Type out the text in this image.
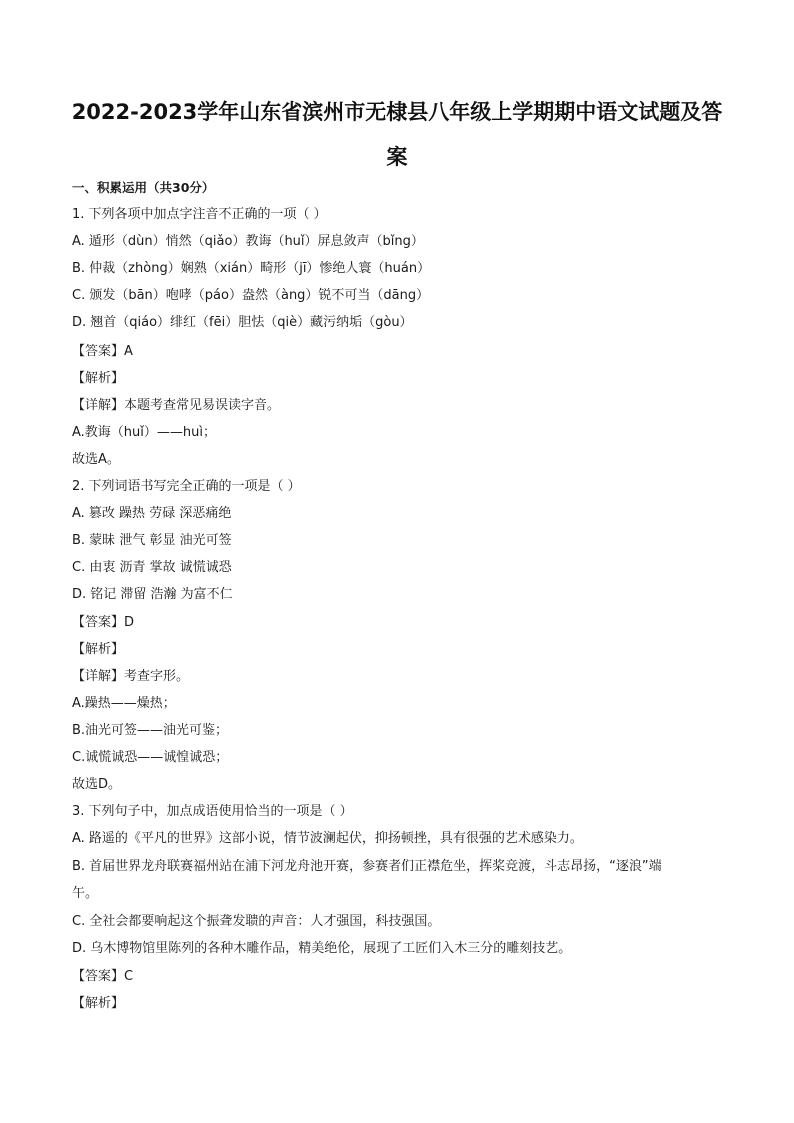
2022-2023学年山东省滨州市无棣县八年级上学期期中语文试题及答
案
一、积累运用（共30分）
1. 下列各项中加点字注音不正确的一项（ ）
A. 遁形（dùn）悄然（qiǎo）教诲（huǐ）屏息敛声（bǐng）
B. 仲裁（zhòng）娴熟（xián）畸形（jī）惨绝人寰（huán）
C. 颁发（bān）咆哮（páo）盎然（àng）锐不可当（dāng）
D. 翘首（qiáo）绯红（fēi）胆怯（qiè）藏污纳垢（gòu）
【答案】A
【解析】
【详解】本题考查常见易误读字音。
A.教诲（huǐ）——huì；
故选A。
2. 下列词语书写完全正确的一项是（ ）
A. 篡改 躁热 劳碌 深恶痛绝
B. 蒙昧 泄气 彰显 油光可签
C. 由衷 沥青 掌故 诚慌诚恐
D. 铭记 滞留 浩瀚 为富不仁
【答案】D
【解析】
【详解】考查字形。
A.躁热——燥热；
B.油光可签——油光可鉴；
C.诚慌诚恐——诚惶诚恐；
故选D。
3. 下列句子中，加点成语使用恰当的一项是（ ）
A. 路遥的《平凡的世界》这部小说，情节波澜起伏，抑扬顿挫，具有很强的艺术感染力。
B. 首届世界龙舟联赛福州站在浦下河龙舟池开赛，参赛者们正襟危坐，挥桨竞渡，斗志昂扬，“逐浪”端
午。
C. 全社会都要响起这个振聋发聩的声音：人才强国，科技强国。
D. 乌木博物馆里陈列的各种木雕作品，精美绝伦，展现了工匠们入木三分的雕刻技艺。
【答案】C
【解析】
